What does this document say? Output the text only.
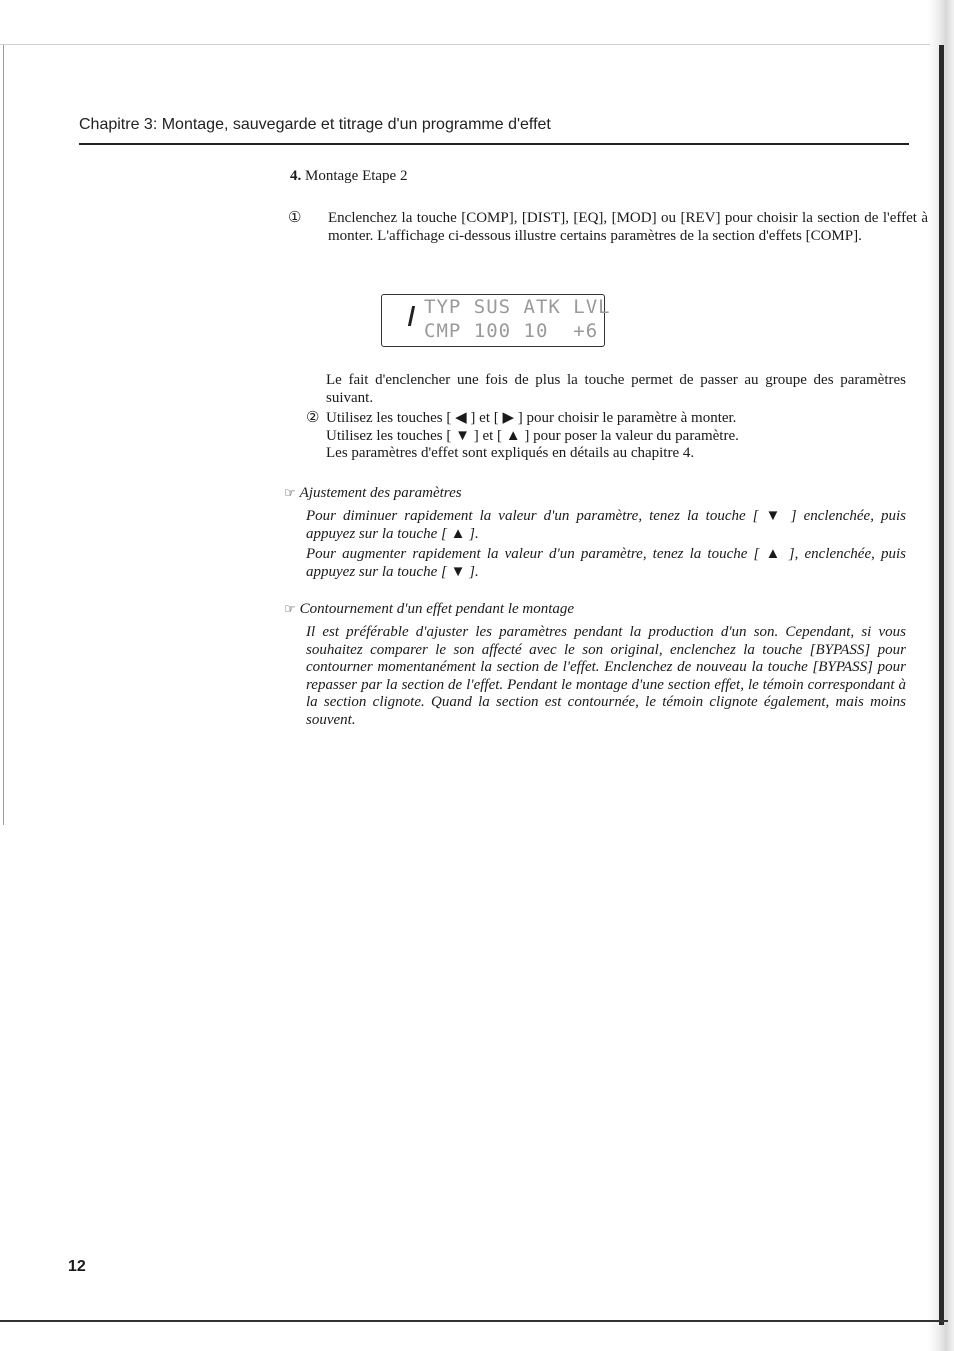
Chapitre 3: Montage, sauvegarde et titrage d'un programme d'effet
4. Montage Etape 2
① Enclenchez la touche [COMP], [DIST], [EQ], [MOD] ou [REV] pour choisir la section de l'effet à monter. L'affichage ci-dessous illustre certains paramètres de la section d'effets [COMP].
TYP SUS ATK LVL
CMP 100 10  +6
Le fait d'enclencher une fois de plus la touche permet de passer au groupe des paramètres suivant.
② Utilisez les touches [ ◀ ] et [ ▶ ] pour choisir le paramètre à monter.
Utilisez les touches [ ▼ ] et [ ▲ ] pour poser la valeur du paramètre.
Les paramètres d'effet sont expliqués en détails au chapitre 4.
☞ Ajustement des paramètres
Pour diminuer rapidement la valeur d'un paramètre, tenez la touche [ ▼ ] enclenchée, puis appuyez sur la touche [ ▲ ].
Pour augmenter rapidement la valeur d'un paramètre, tenez la touche [ ▲ ], enclenchée, puis appuyez sur la touche [ ▼ ].
☞ Contournement d'un effet pendant le montage
Il est préférable d'ajuster les paramètres pendant la production d'un son. Cependant, si vous souhaitez comparer le son affecté avec le son original, enclenchez la touche [BYPASS] pour contourner momentanément la section de l'effet. Enclenchez de nouveau la touche [BYPASS] pour repasser par la section de l'effet. Pendant le montage d'une section effet, le témoin correspondant à la section clignote. Quand la section est contournée, le témoin clignote également, mais moins souvent.
12
